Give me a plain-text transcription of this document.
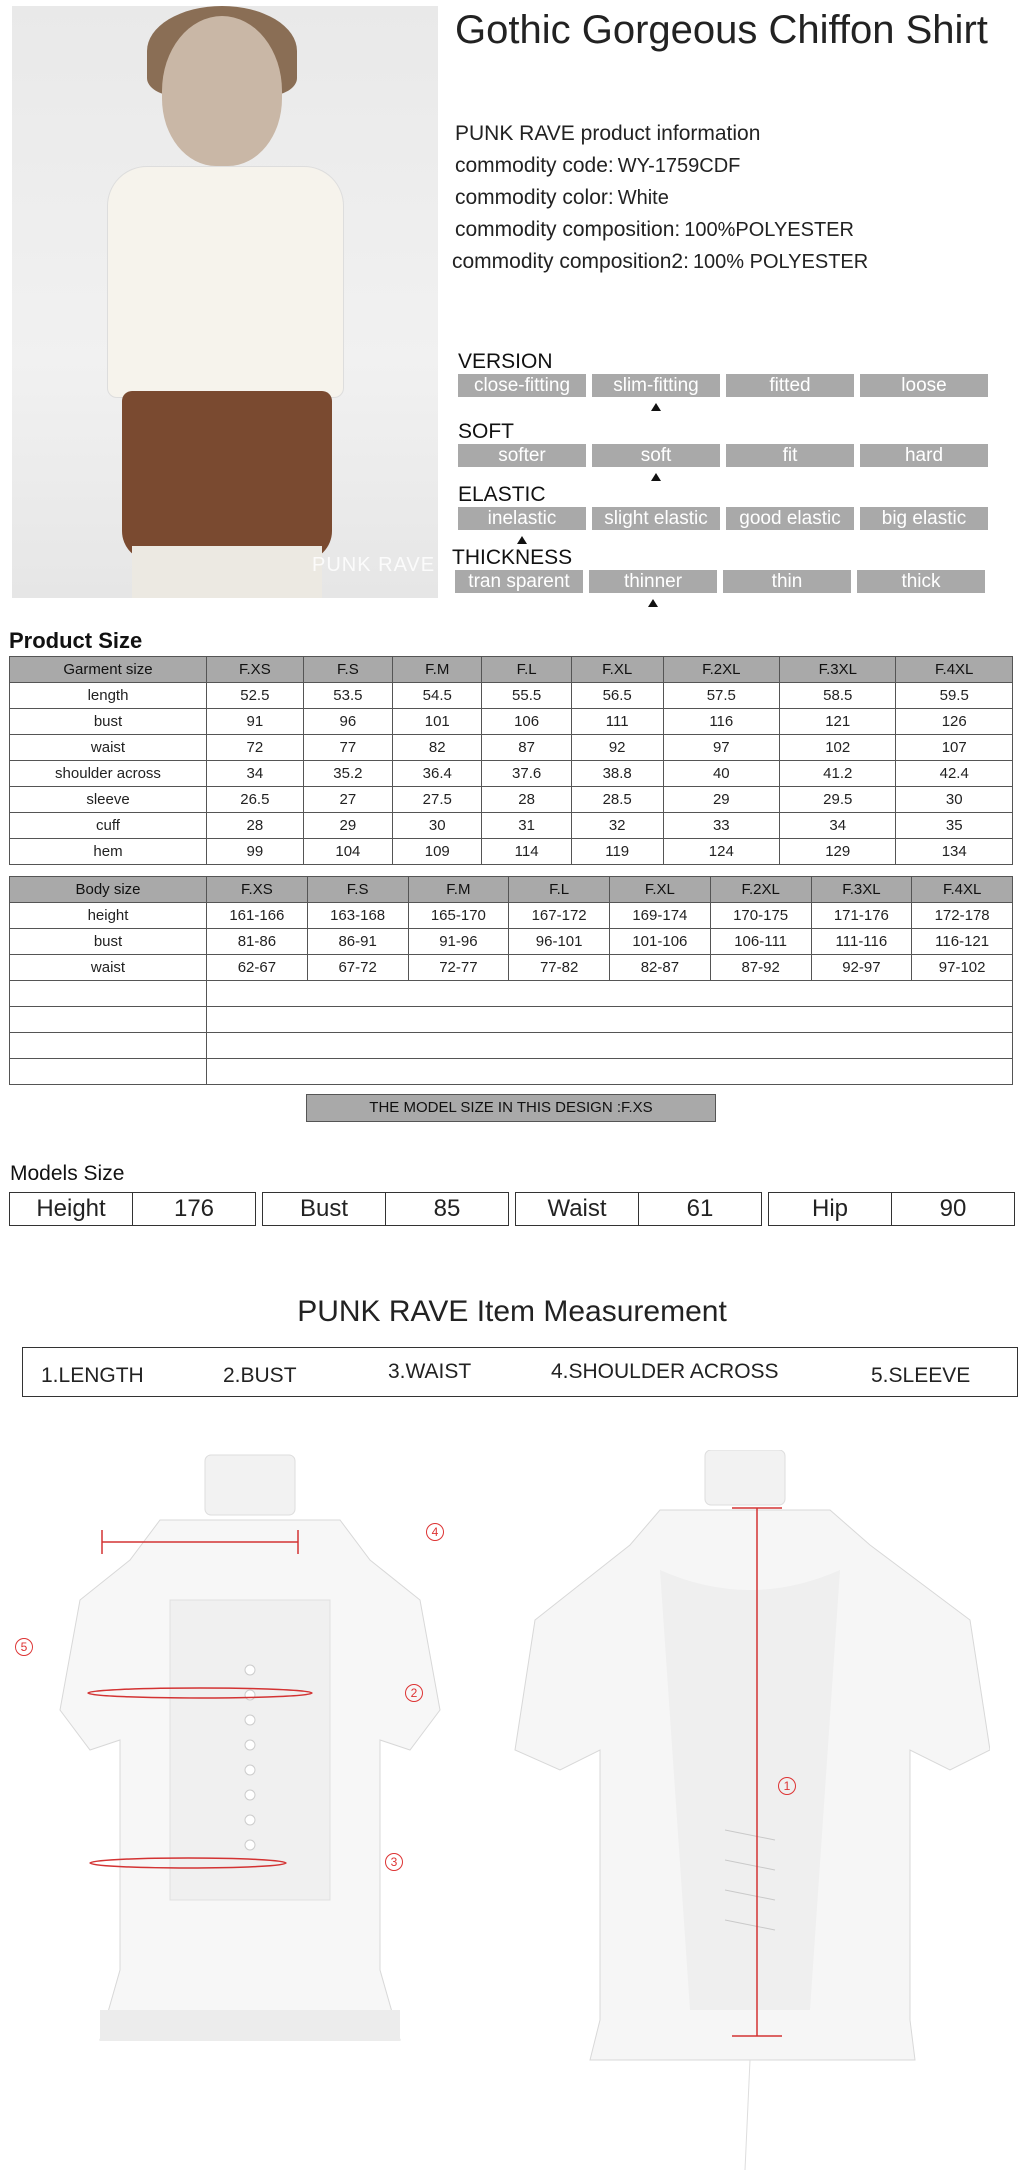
PUNK RAVE
Gothic Gorgeous Chiffon Shirt
PUNK RAVE product information
commodity code: WY-1759CDF
commodity color: White
commodity composition: 100%POLYESTER
commodity composition2: 100% POLYESTER
VERSION
close-fitting	slim-fitting	fitted	loose
SOFT
softer	soft	fit	hard
ELASTIC
inelastic	slight elastic	good elastic	big elastic
THICKNESS
tran sparent	thinner	thin	thick
Product Size
Garment size	F.XS	F.S	F.M	F.L	F.XL	F.2XL	F.3XL	F.4XL
length	52.5	53.5	54.5	55.5	56.5	57.5	58.5	59.5
bust	91	96	101	106	111	116	121	126
waist	72	77	82	87	92	97	102	107
shoulder across	34	35.2	36.4	37.6	38.8	40	41.2	42.4
sleeve	26.5	27	27.5	28	28.5	29	29.5	30
cuff	28	29	30	31	32	33	34	35
hem	99	104	109	114	119	124	129	134
Body size	F.XS	F.S	F.M	F.L	F.XL	F.2XL	F.3XL	F.4XL
height	161-166	163-168	165-170	167-172	169-174	170-175	171-176	172-178
bust	81-86	86-91	91-96	96-101	101-106	106-111	111-116	116-121
waist	62-67	67-72	72-77	77-82	82-87	87-92	92-97	97-102

THE MODEL SIZE IN THIS DESIGN :F.XS
Models Size
Height	176	Bust	85	Waist	61	Hip	90
PUNK RAVE Item Measurement
1.LENGTH	2.BUST	3.WAIST	4.SHOULDER ACROSS	5.SLEEVE
4
5
2
3
1
